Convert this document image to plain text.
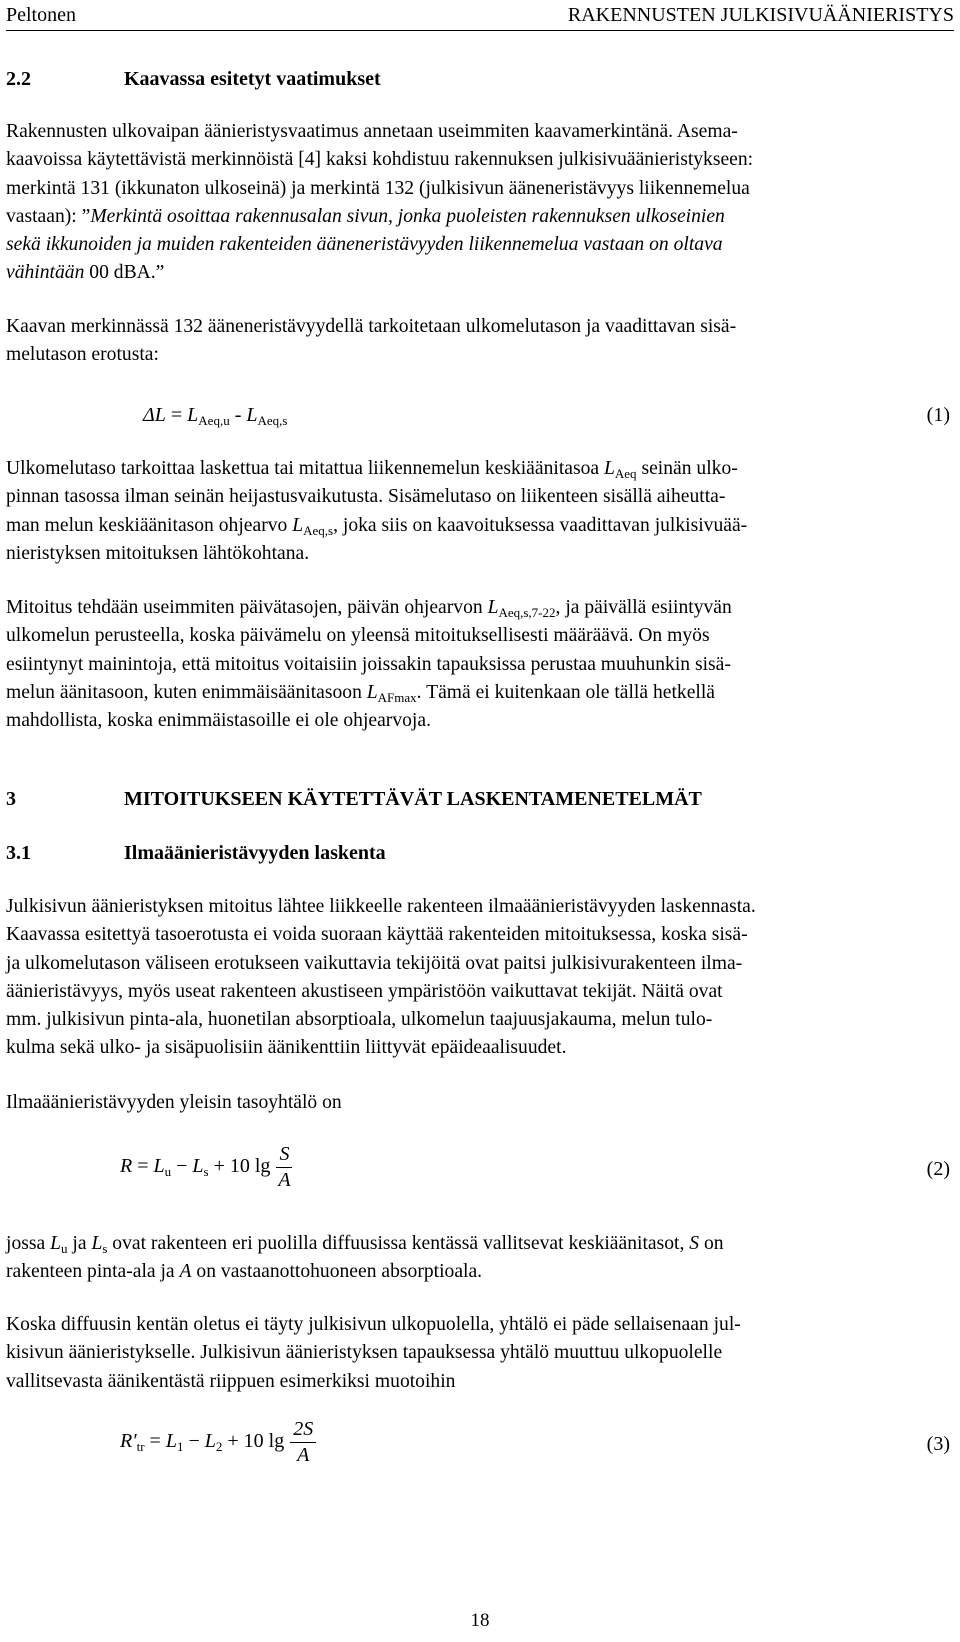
Peltonen	RAKENNUSTEN JULKISIVUÄÄNIERISTYS
2.2	Kaavassa esitetyt vaatimukset
Rakennusten ulkovaipan äänieristysvaatimus annetaan useimmiten kaavamerkintänä. Asema-
kaavoissa käytettävistä merkinnöistä [4] kaksi kohdistuu rakennuksen julkisivuäänieristykseen:
merkintä 131 (ikkunaton ulkoseinä) ja merkintä 132 (julkisivun ääneneristävyys liikennemelua
vastaan): ”Merkintä osoittaa rakennusalan sivun, jonka puoleisten rakennuksen ulkoseinien
sekä ikkunoiden ja muiden rakenteiden ääneneristävyyden liikennemelua vastaan on oltava
vähintään 00 dBA.”
Kaavan merkinnässä 132 ääneneristävyydellä tarkoitetaan ulkomelutason ja vaadittavan sisä-
melutason erotusta:
$\Delta L = L_{Aeq,u} - L_{Aeq,s}$	(1)
Ulkomelutaso tarkoittaa laskettua tai mitattua liikennemelun keskiäänitasoa $L_{Aeq}$ seinän ulko-
pinnan tasossa ilman seinän heijastusvaikutusta. Sisämelutaso on liikenteen sisällä aiheutta-
man melun keskiäänitason ohjearvo $L_{Aeq,s}$, joka siis on kaavoituksessa vaadittavan julkisivuää-
nieristyksen mitoituksen lähtökohtana.
Mitoitus tehdään useimmiten päivätasojen, päivän ohjearvon $L_{Aeq,s,7-22}$, ja päivällä esiintyvän
ulkomelun perusteella, koska päivämelu on yleensä mitoituksellisesti määräävä. On myös
esiintynyt mainintoja, että mitoitus voitaisiin joissakin tapauksissa perustaa muuhunkin sisä-
melun äänitasoon, kuten enimmäisäänitasoon $L_{AFmax}$. Tämä ei kuitenkaan ole tällä hetkellä
mahdollista, koska enimmäistasoille ei ole ohjearvoja.
3	MITOITUKSEEN KÄYTETTÄVÄT LASKENTAMENETELMÄT
3.1	Ilmaäänieristävyyden laskenta
Julkisivun äänieristyksen mitoitus lähtee liikkeelle rakenteen ilmaäänieristävyyden laskennasta.
Kaavassa esitettyä tasoerotusta ei voida suoraan käyttää rakenteiden mitoituksessa, koska sisä-
ja ulkomelutason väliseen erotukseen vaikuttavia tekijöitä ovat paitsi julkisivurakenteen ilma-
äänieristävyys, myös useat rakenteen akustiseen ympäristöön vaikuttavat tekijät. Näitä ovat
mm. julkisivun pinta-ala, huonetilan absorptioala, ulkomelun taajuusjakauma, melun tulo-
kulma sekä ulko- ja sisäpuolisiin äänikenttiin liittyvät epäideaalisuudet.
Ilmaäänieristävyyden yleisin tasoyhtälö on
$R = L_u - L_s + 10$ $\lg \frac{S}{A}$	(2)
jossa $L_u$ ja $L_s$ ovat rakenteen eri puolilla diffuusissa kentässä vallitsevat keskiäänitasot, S on
rakenteen pinta-ala ja A on vastaanottohuoneen absorptioala.
Koska diffuusin kentän oletus ei täyty julkisivun ulkopuolella, yhtälö ei päde sellaisenaan jul-
kisivun äänieristykselle. Julkisivun äänieristyksen tapauksessa yhtälö muuttuu ulkopuolelle
vallitsevasta äänikentästä riippuen esimerkiksi muotoihin
$R'_{tr} = L_1 - L_2 + 10$ $\lg \frac{2S}{A}$	(3)
18
